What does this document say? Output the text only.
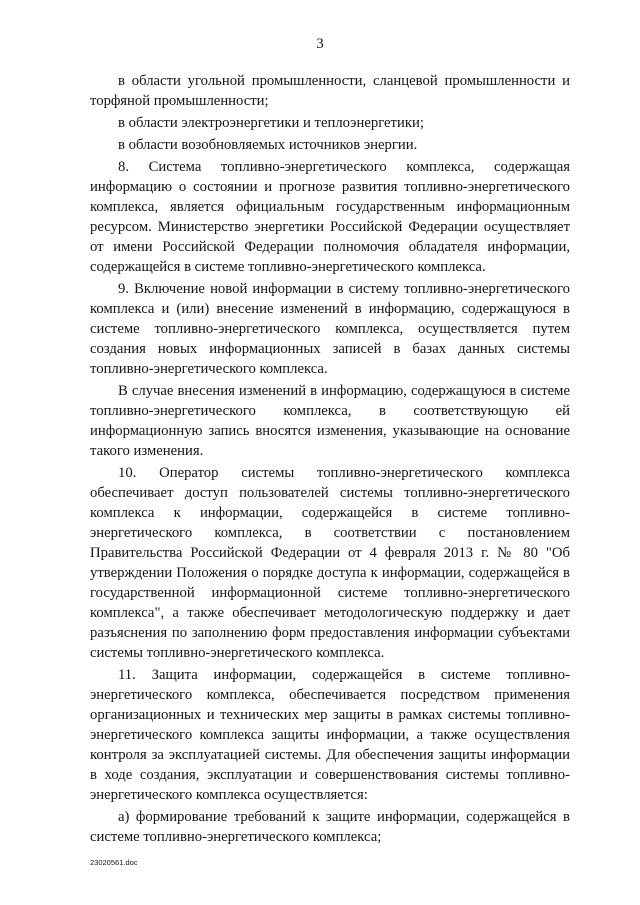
3

в области угольной промышленности, сланцевой промышленности и торфяной промышленности;

в области электроэнергетики и теплоэнергетики;

в области возобновляемых источников энергии.

8. Система топливно-энергетического комплекса, содержащая информацию о состоянии и прогнозе развития топливно-энергетического комплекса, является официальным государственным информационным ресурсом. Министерство энергетики Российской Федерации осуществляет от имени Российской Федерации полномочия обладателя информации, содержащейся в системе топливно-энергетического комплекса.

9. Включение новой информации в систему топливно-энергетического комплекса и (или) внесение изменений в информацию, содержащуюся в системе топливно-энергетического комплекса, осуществляется путем создания новых информационных записей в базах данных системы топливно-энергетического комплекса.

В случае внесения изменений в информацию, содержащуюся в системе топливно-энергетического комплекса, в соответствующую ей информационную запись вносятся изменения, указывающие на основание такого изменения.

10. Оператор системы топливно-энергетического комплекса обеспечивает доступ пользователей системы топливно-энергетического комплекса к информации, содержащейся в системе топливно-энергетического комплекса, в соответствии с постановлением Правительства Российской Федерации от 4 февраля 2013 г. № 80 "Об утверждении Положения о порядке доступа к информации, содержащейся в государственной информационной системе топливно-энергетического комплекса", а также обеспечивает методологическую поддержку и дает разъяснения по заполнению форм предоставления информации субъектами системы топливно-энергетического комплекса.

11. Защита информации, содержащейся в системе топливно-энергетического комплекса, обеспечивается посредством применения организационных и технических мер защиты в рамках системы топливно-энергетического комплекса защиты информации, а также осуществления контроля за эксплуатацией системы. Для обеспечения защиты информации в ходе создания, эксплуатации и совершенствования системы топливно-энергетического комплекса осуществляется:

а) формирование требований к защите информации, содержащейся в системе топливно-энергетического комплекса;

23020561.doc
